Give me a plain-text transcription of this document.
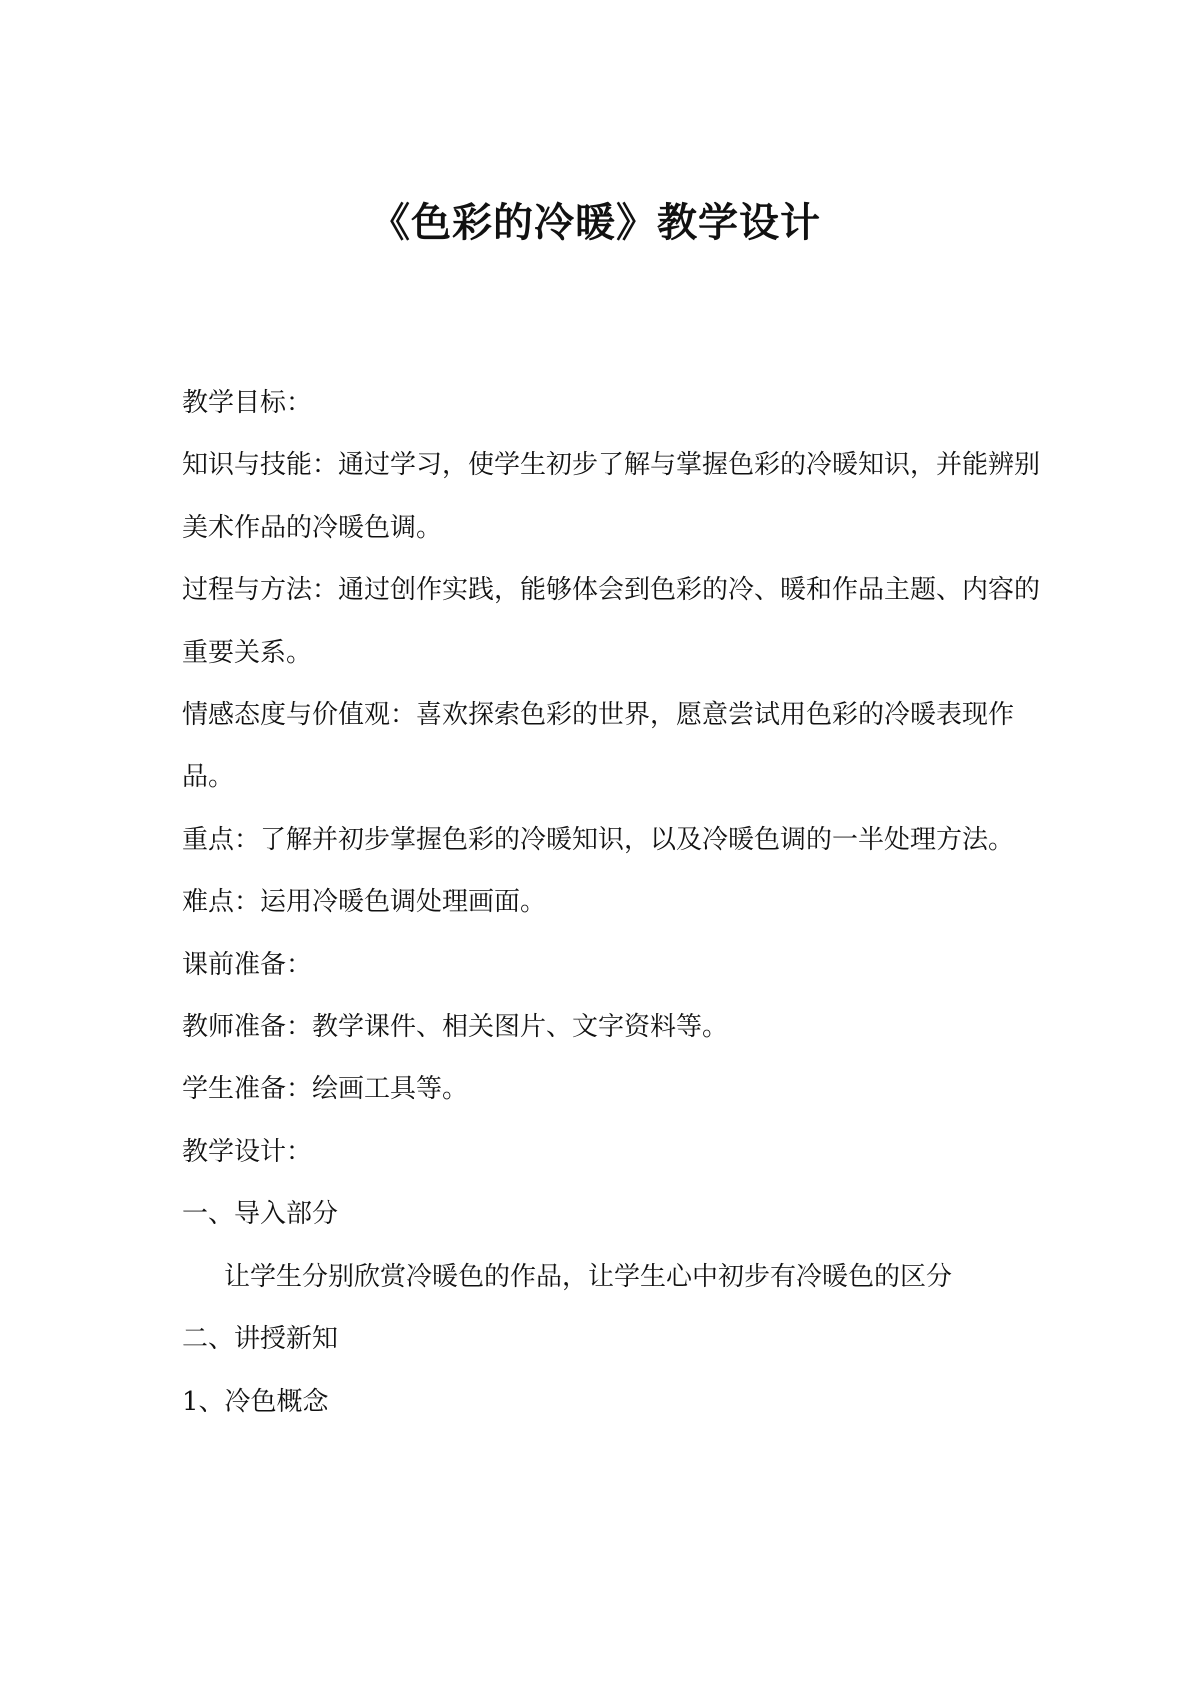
《色彩的冷暖》教学设计

教学目标：

知识与技能：通过学习，使学生初步了解与掌握色彩的冷暖知识，并能辨别美术作品的冷暖色调。

过程与方法：通过创作实践，能够体会到色彩的冷、暖和作品主题、内容的重要关系。

情感态度与价值观：喜欢探索色彩的世界，愿意尝试用色彩的冷暖表现作品。

重点：了解并初步掌握色彩的冷暖知识，以及冷暖色调的一半处理方法。

难点：运用冷暖色调处理画面。

课前准备：

教师准备：教学课件、相关图片、文字资料等。

学生准备：绘画工具等。

教学设计：

一、导入部分

让学生分别欣赏冷暖色的作品，让学生心中初步有冷暖色的区分

二、讲授新知

1、冷色概念
